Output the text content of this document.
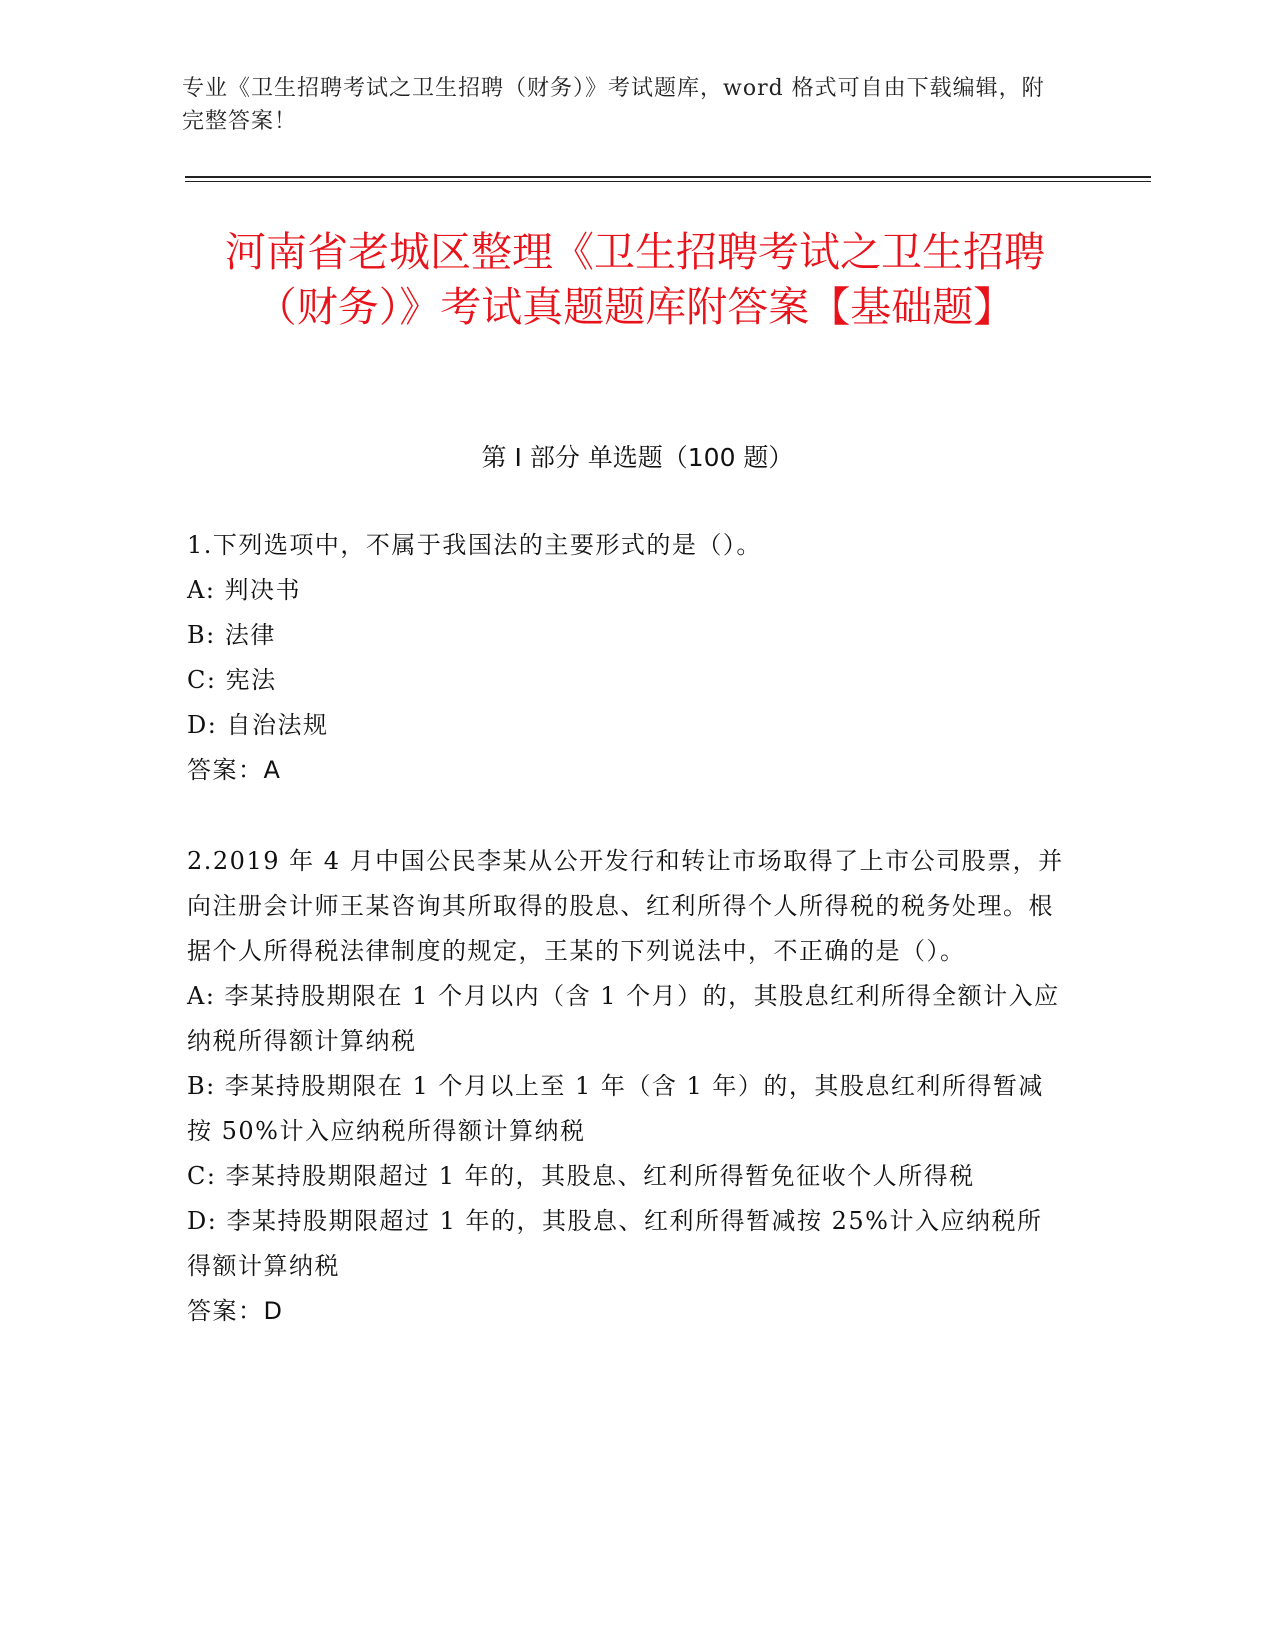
专业《卫生招聘考试之卫生招聘（财务）》考试题库，word 格式可自由下载编辑，附完整答案！
河南省老城区整理《卫生招聘考试之卫生招聘（财务）》考试真题题库附答案【基础题】
第 I 部分 单选题（100 题）

1.下列选项中，不属于我国法的主要形式的是（）。

A: 判决书

B: 法律

C: 宪法

D: 自治法规

答案：A

2.2019 年 4 月中国公民李某从公开发行和转让市场取得了上市公司股票，并向注册会计师王某咨询其所取得的股息、红利所得个人所得税的税务处理。根据个人所得税法律制度的规定，王某的下列说法中，不正确的是（）。

A: 李某持股期限在 1 个月以内（含 1 个月）的，其股息红利所得全额计入应纳税所得额计算纳税

B: 李某持股期限在 1 个月以上至 1 年（含 1 年）的，其股息红利所得暂减按 50%计入应纳税所得额计算纳税

C: 李某持股期限超过 1 年的，其股息、红利所得暂免征收个人所得税

D: 李某持股期限超过 1 年的，其股息、红利所得暂减按 25%计入应纳税所得额计算纳税

答案：D
